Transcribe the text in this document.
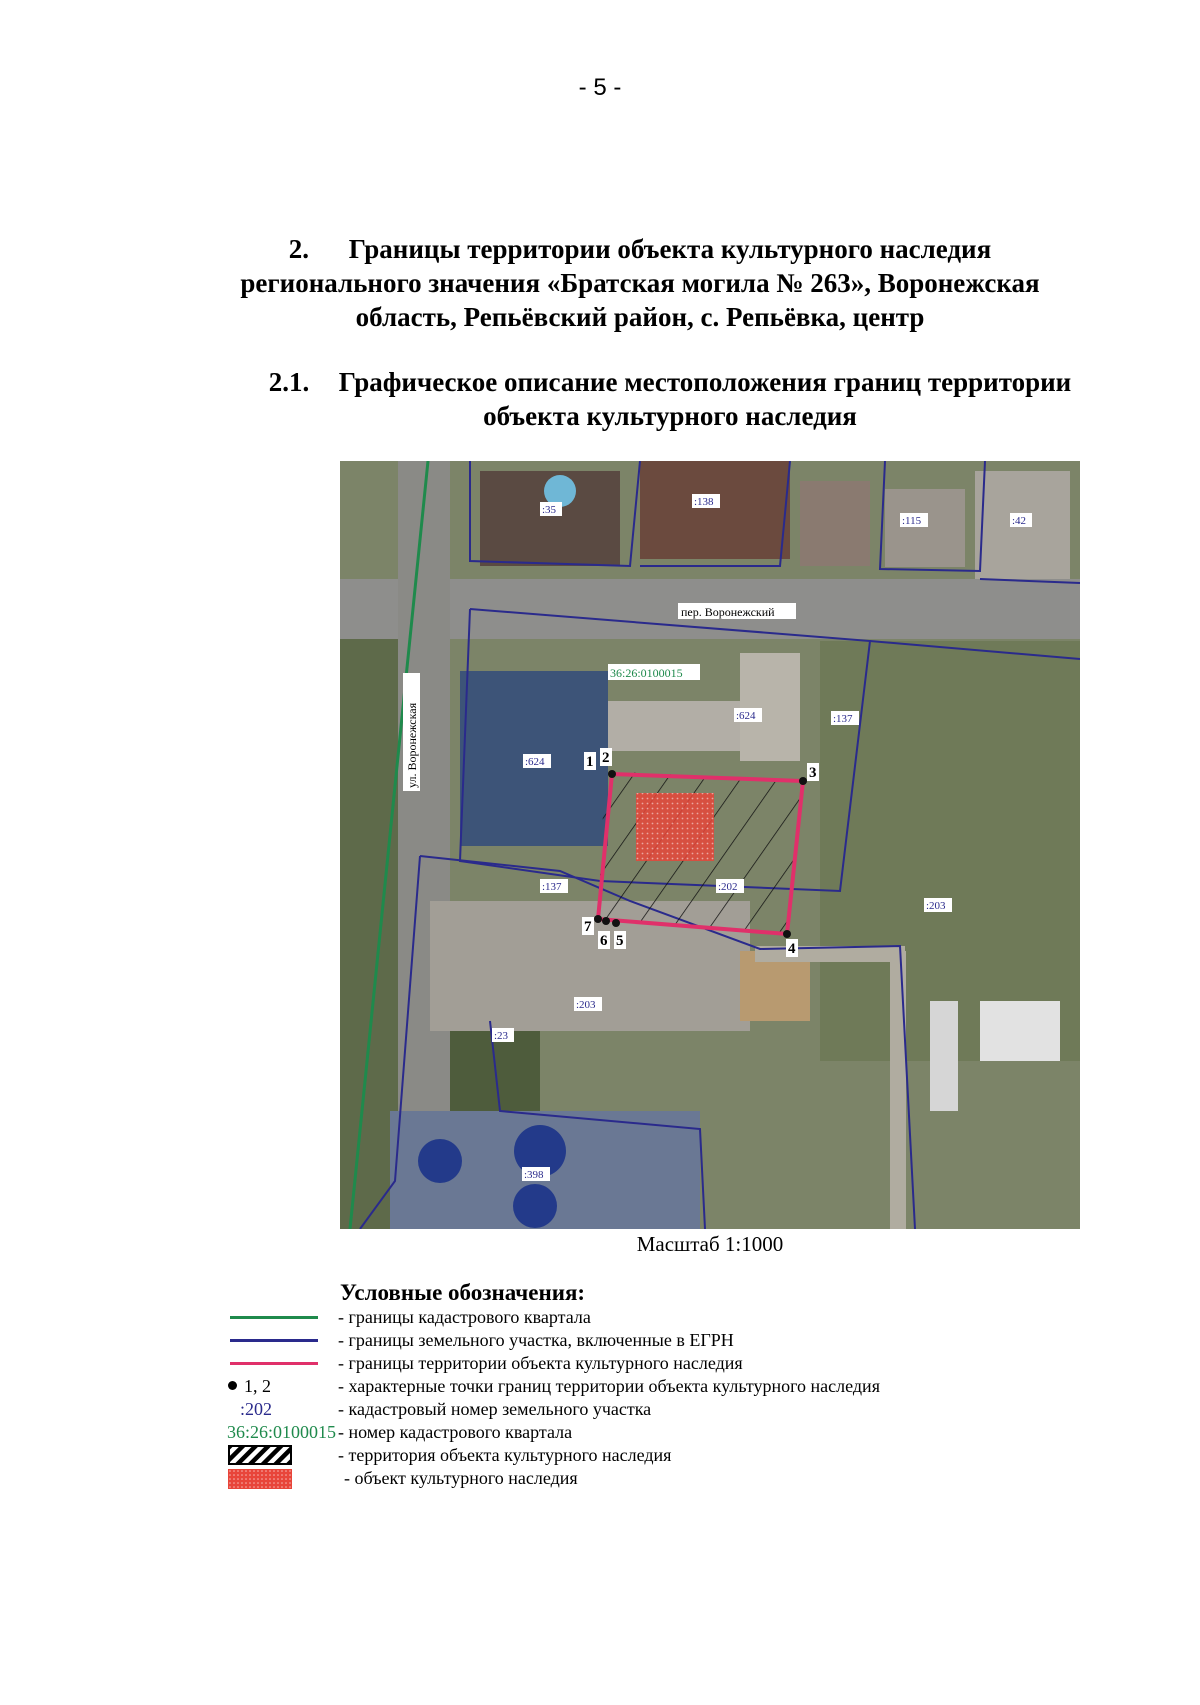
- 5 -
2. Границы территории объекта культурного наследия
регионального значения «Братская могила № 263», Воронежская
область, Репьёвский район, с. Репьёвка, центр
2.1. Графическое описание местоположения границ территории
объекта культурного наследия
1 2
3
4
5
6
7
пер. Воронежский
ул. Воронежская
36:26:0100015
:35
:138
:115	:42
:624
:624	:137
:137	:202
:203
:203
:23
:398
Масштаб 1:1000
Условные обозначения:
- границы кадастрового квартала
- границы земельного участка, включенные в ЕГРН
- границы территории объекта культурного наследия
1, 2	- характерные точки границ территории объекта культурного наследия
:202	- кадастровый номер земельного участка
36:26:0100015 - номер кадастрового квартала
- территория объекта культурного наследия
- объект культурного наследия
